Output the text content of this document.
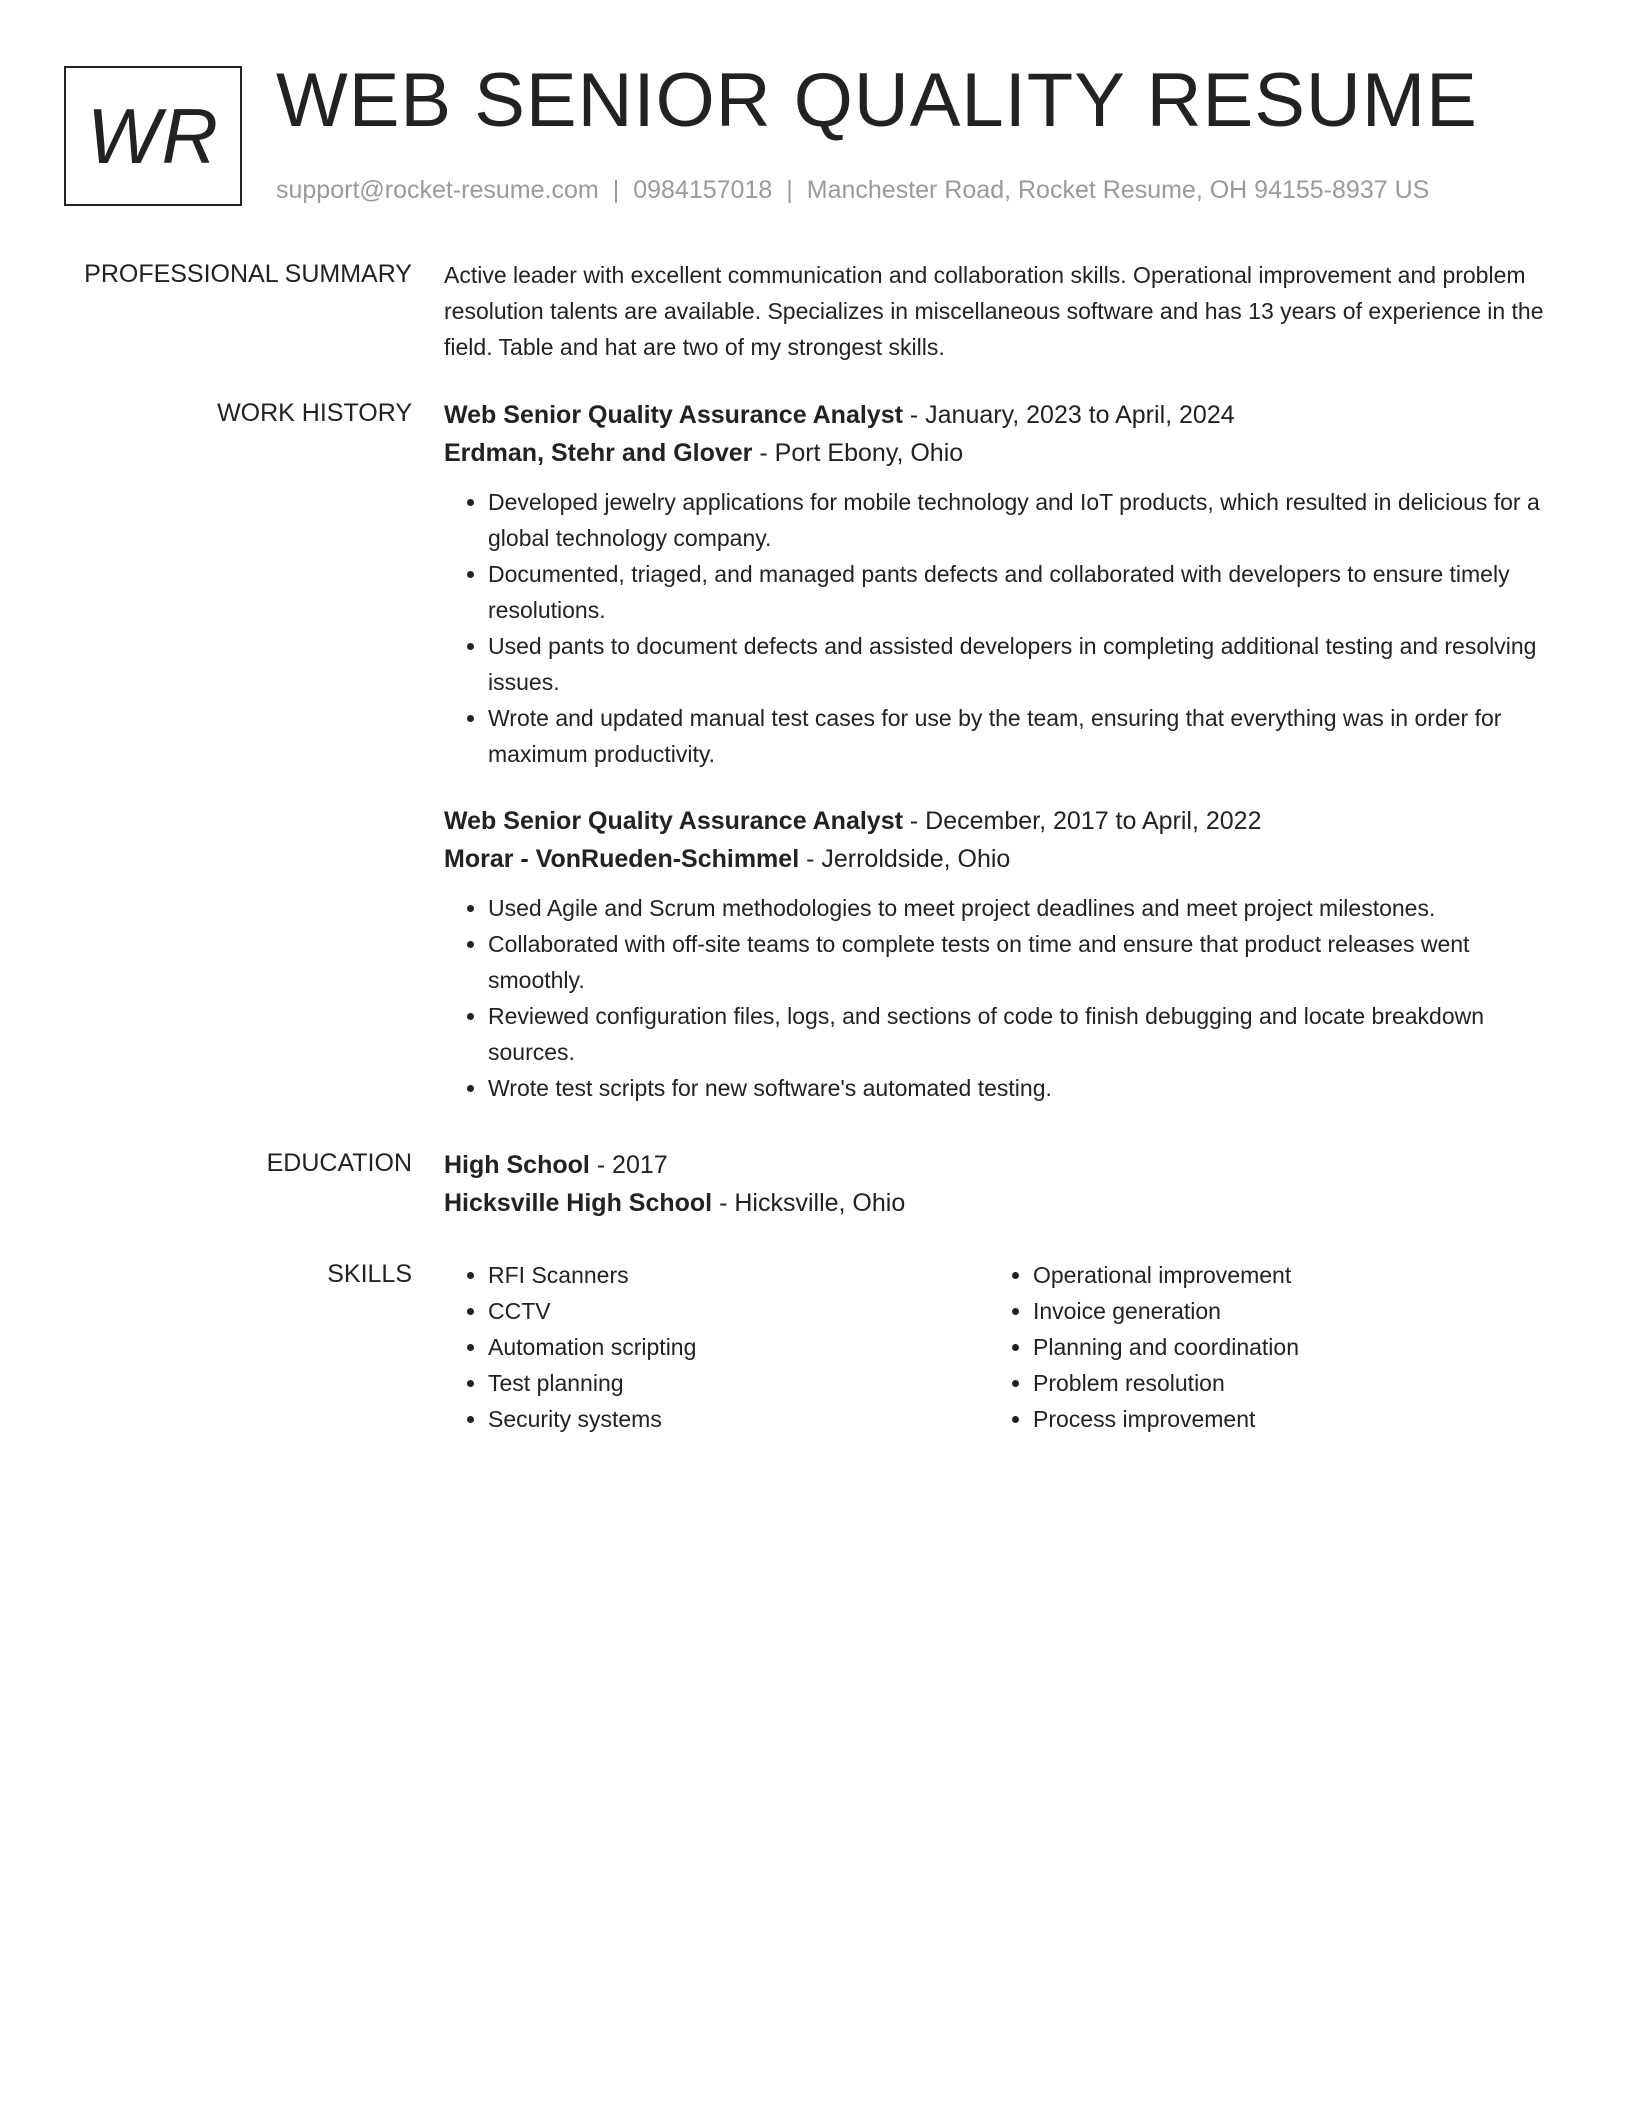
WR WEB SENIOR QUALITY RESUME
support@rocket-resume.com | 0984157018 | Manchester Road, Rocket Resume, OH 94155-8937 US
PROFESSIONAL SUMMARY Active leader with excellent communication and collaboration skills. Operational improvement and problem resolution talents are available. Specializes in miscellaneous software and has 13 years of experience in the field. Table and hat are two of my strongest skills.

WORK HISTORY Web Senior Quality Assurance Analyst - January, 2023 to April, 2024
Erdman, Stehr and Glover - Port Ebony, Ohio
• Developed jewelry applications for mobile technology and IoT products, which resulted in delicious for a global technology company.
• Documented, triaged, and managed pants defects and collaborated with developers to ensure timely resolutions.
• Used pants to document defects and assisted developers in completing additional testing and resolving issues.
• Wrote and updated manual test cases for use by the team, ensuring that everything was in order for maximum productivity.
Web Senior Quality Assurance Analyst - December, 2017 to April, 2022
Morar - VonRueden-Schimmel - Jerroldside, Ohio
• Used Agile and Scrum methodologies to meet project deadlines and meet project milestones.
• Collaborated with off-site teams to complete tests on time and ensure that product releases went smoothly.
• Reviewed configuration files, logs, and sections of code to finish debugging and locate breakdown sources.
• Wrote test scripts for new software's automated testing.
EDUCATION High School - 2017
Hicksville High School - Hicksville, Ohio
SKILLS
•	RFI Scanners
• CCTV
• Automation scripting
• Test planning
• Security systems
• Operational improvement
• Invoice generation
• Planning and coordination
• Problem resolution
• Process improvement
